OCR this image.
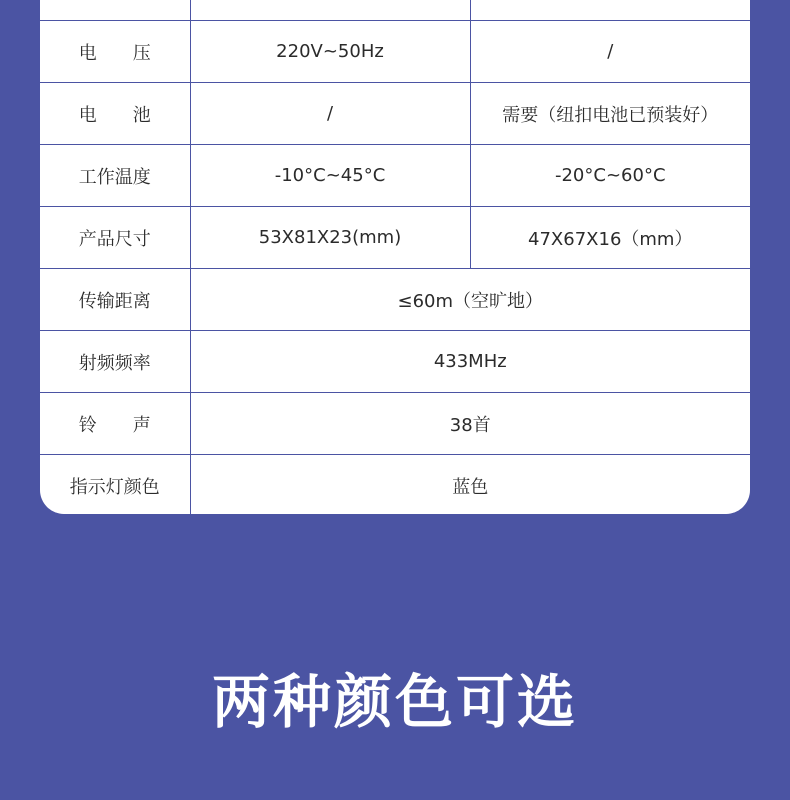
电　　压	220V~50Hz	/
电　　池	/	需要（纽扣电池已预装好）
工作温度	-10°C~45°C	-20°C~60°C
产品尺寸	53X81X23(mm)	47X67X16（mm）
传输距离	≤60m（空旷地）	
射频频率	433MHz	
铃　　声	38首	
指示灯颜色	蓝色	
两种颜色可选
